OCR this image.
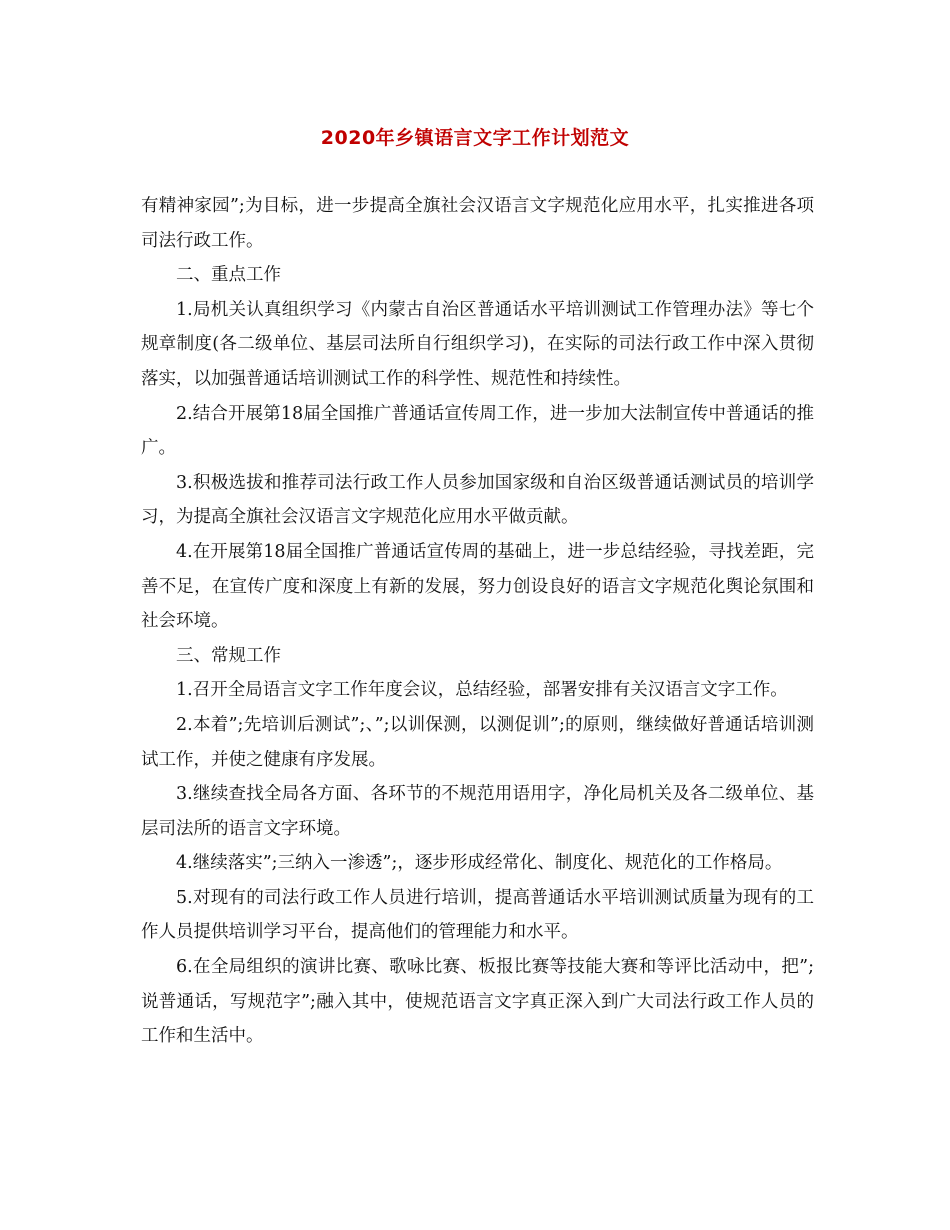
2020年乡镇语言文字工作计划范文

有精神家园”;为目标，进一步提高全旗社会汉语言文字规范化应用水平，扎实推进各项司法行政工作。

二、重点工作

1.局机关认真组织学习《内蒙古自治区普通话水平培训测试工作管理办法》等七个规章制度(各二级单位、基层司法所自行组织学习)，在实际的司法行政工作中深入贯彻落实，以加强普通话培训测试工作的科学性、规范性和持续性。

2.结合开展第18届全国推广普通话宣传周工作，进一步加大法制宣传中普通话的推广。

3.积极选拔和推荐司法行政工作人员参加国家级和自治区级普通话测试员的培训学习，为提高全旗社会汉语言文字规范化应用水平做贡献。

4.在开展第18届全国推广普通话宣传周的基础上，进一步总结经验，寻找差距，完善不足，在宣传广度和深度上有新的发展，努力创设良好的语言文字规范化舆论氛围和社会环境。

三、常规工作

1.召开全局语言文字工作年度会议，总结经验，部署安排有关汉语言文字工作。

2.本着”;先培训后测试”;、”;以训保测，以测促训”;的原则，继续做好普通话培训测试工作，并使之健康有序发展。

3.继续查找全局各方面、各环节的不规范用语用字，净化局机关及各二级单位、基层司法所的语言文字环境。

4.继续落实”;三纳入一渗透”;，逐步形成经常化、制度化、规范化的工作格局。

5.对现有的司法行政工作人员进行培训，提高普通话水平培训测试质量为现有的工作人员提供培训学习平台，提高他们的管理能力和水平。

6.在全局组织的演讲比赛、歌咏比赛、板报比赛等技能大赛和等评比活动中，把”;说普通话，写规范字”;融入其中，使规范语言文字真正深入到广大司法行政工作人员的工作和生活中。
